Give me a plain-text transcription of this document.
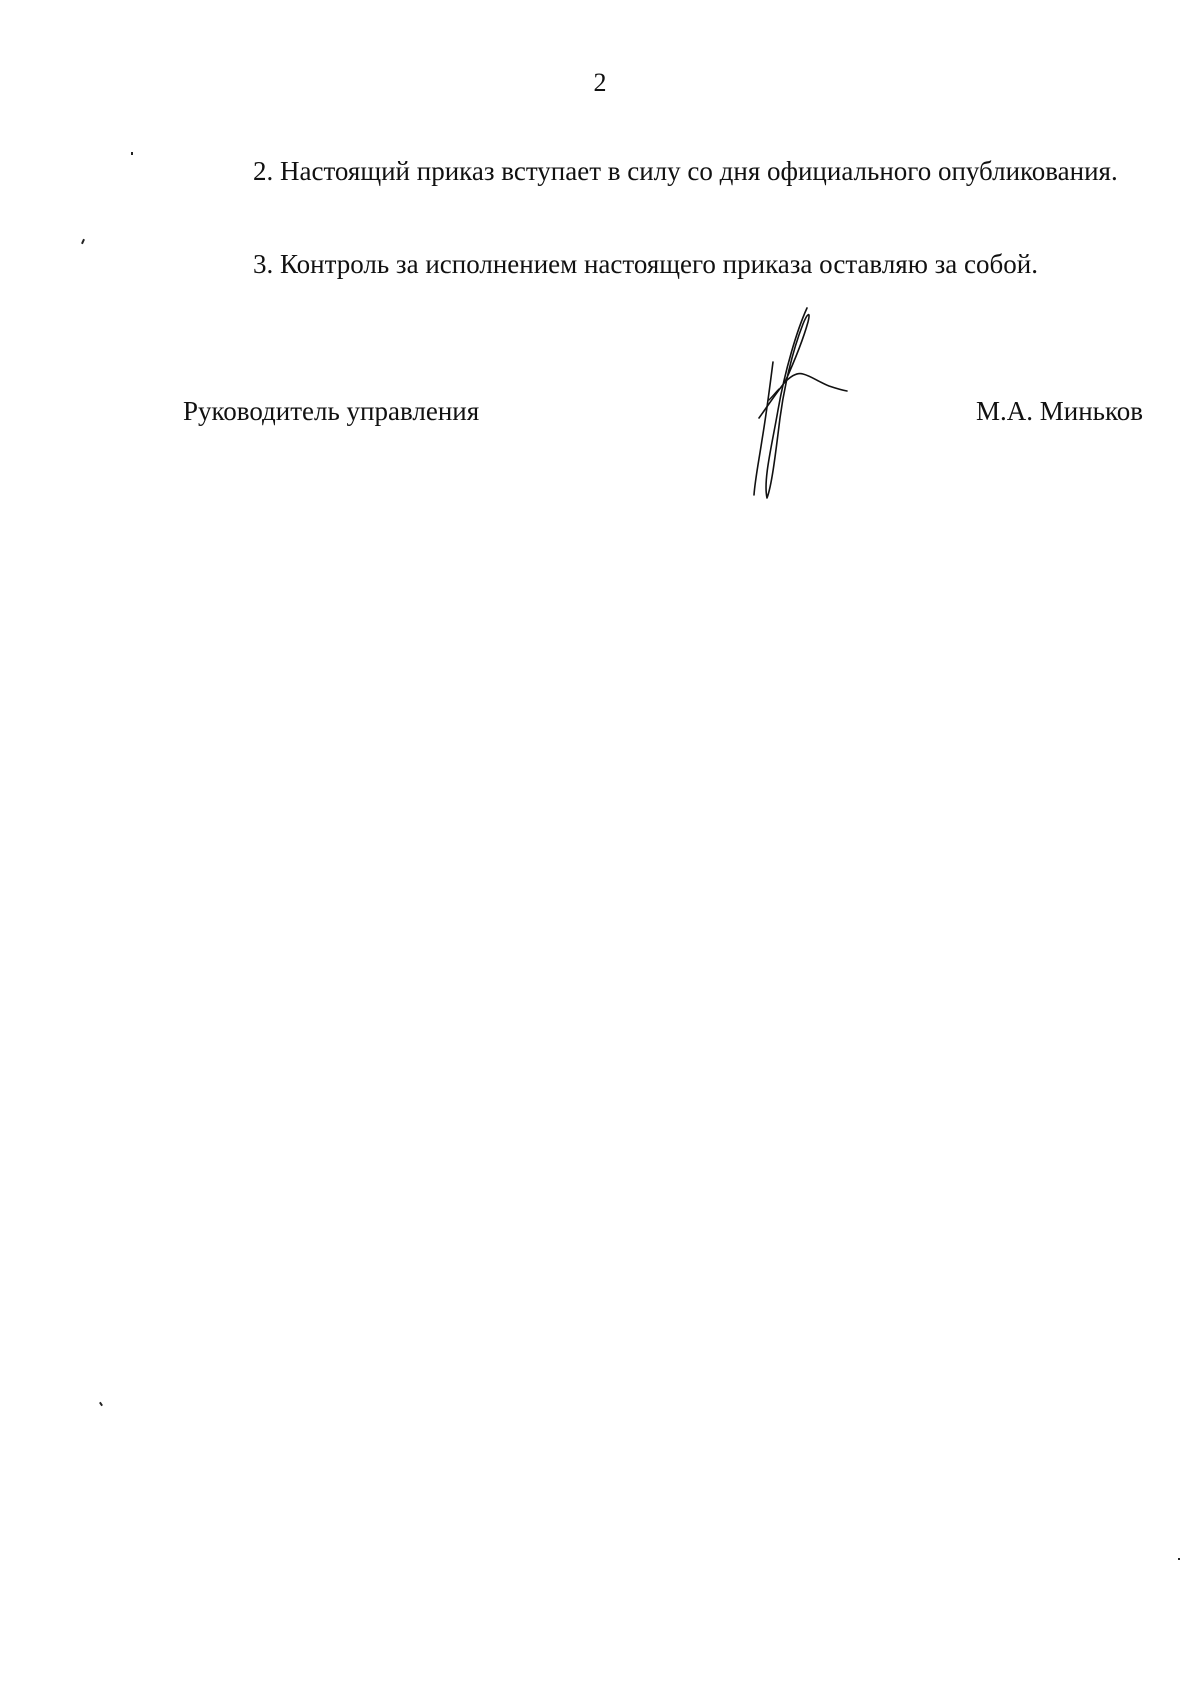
2
2. Настоящий приказ вступает в силу со дня официального опубликования.
3. Контроль за исполнением настоящего приказа оставляю за собой.
Руководитель управления	М.А. Миньков
